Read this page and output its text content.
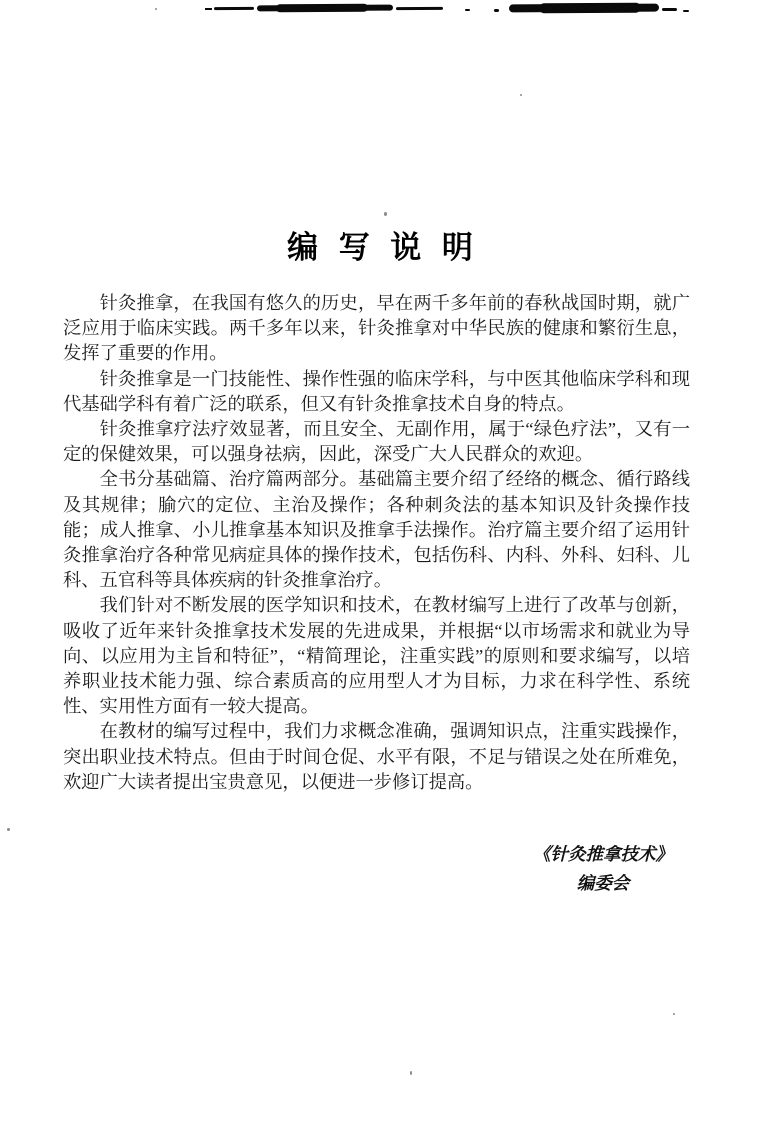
编 写 说 明

针灸推拿，在我国有悠久的历史，早在两千多年前的春秋战国时期，就广泛应用于临床实践。两千多年以来，针灸推拿对中华民族的健康和繁衍生息，发挥了重要的作用。

针灸推拿是一门技能性、操作性强的临床学科，与中医其他临床学科和现代基础学科有着广泛的联系，但又有针灸推拿技术自身的特点。

针灸推拿疗法疗效显著，而且安全、无副作用，属于“绿色疗法”，又有一定的保健效果，可以强身祛病，因此，深受广大人民群众的欢迎。

全书分基础篇、治疗篇两部分。基础篇主要介绍了经络的概念、循行路线及其规律；腧穴的定位、主治及操作；各种刺灸法的基本知识及针灸操作技能；成人推拿、小儿推拿基本知识及推拿手法操作。治疗篇主要介绍了运用针灸推拿治疗各种常见病症具体的操作技术，包括伤科、内科、外科、妇科、儿科、五官科等具体疾病的针灸推拿治疗。

我们针对不断发展的医学知识和技术，在教材编写上进行了改革与创新，吸收了近年来针灸推拿技术发展的先进成果，并根据“以市场需求和就业为导向、以应用为主旨和特征”，“精简理论，注重实践”的原则和要求编写，以培养职业技术能力强、综合素质高的应用型人才为目标，力求在科学性、系统性、实用性方面有一较大提高。

在教材的编写过程中，我们力求概念准确，强调知识点，注重实践操作，突出职业技术特点。但由于时间仓促、水平有限，不足与错误之处在所难免，欢迎广大读者提出宝贵意见，以便进一步修订提高。

《针灸推拿技术》
编委会
